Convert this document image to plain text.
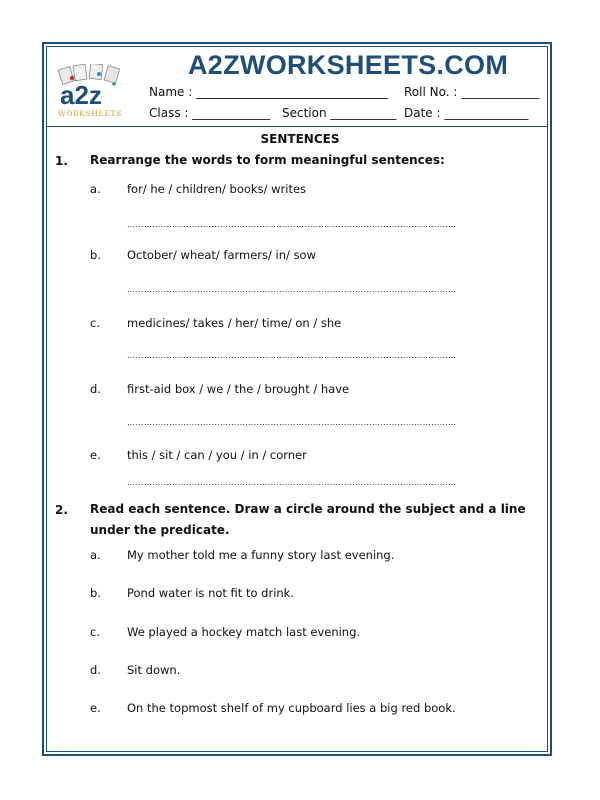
a2z
WORKSHEETS
A2ZWORKSHEETS.COM
Name : ________________________________ Roll No. : _____________
Class : _____________ Section ___________ Date : ______________
SENTENCES
1. Rearrange the words to form meaningful sentences:
a. for/ he / children/ books/ writes
………………………………………………………………………………………………………
b. October/ wheat/ farmers/ in/ sow
………………………………………………………………………………………………………
c. medicines/ takes / her/ time/ on / she
………………………………………………………………………………………………………
d. first-aid box / we / the / brought / have
………………………………………………………………………………………………………
e. this / sit / can / you / in / corner
………………………………………………………………………………………………………
2. Read each sentence. Draw a circle around the subject and a line under the predicate.
a. My mother told me a funny story last evening.
b. Pond water is not fit to drink.
c. We played a hockey match last evening.
d. Sit down.
e. On the topmost shelf of my cupboard lies a big red book.
